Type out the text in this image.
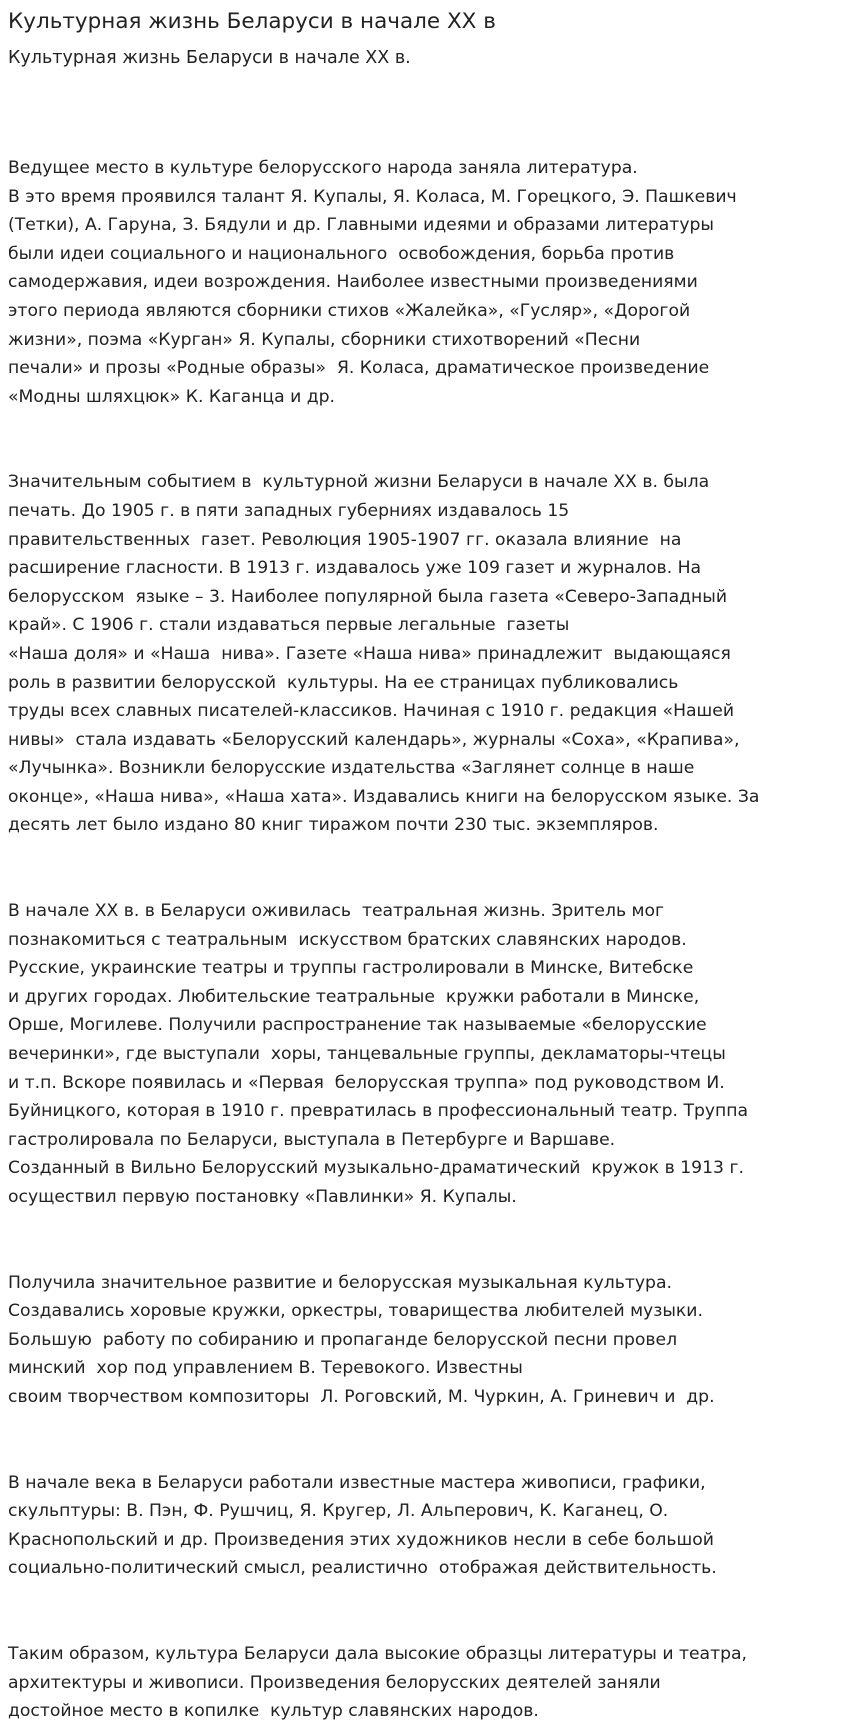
Культурная жизнь Беларуси в начале XX в
Культурная жизнь Беларуси в начале XX в.
Ведущее место в культуре белорусского народа заняла литература.
В это время проявился талант Я. Купалы, Я. Коласа, М. Горецкого, Э. Пашкевич
(Тетки), А. Гаруна, З. Бядули и др. Главными идеями и образами литературы
были идеи социального и национального  освобождения, борьба против
самодержавия, идеи возрождения. Наиболее известными произведениями
этого периода являются сборники стихов «Жалейка», «Гусляр», «Дорогой
жизни», поэма «Курган» Я. Купалы, сборники стихотворений «Песни
печали» и прозы «Родные образы»  Я. Коласа, драматическое произведение
«Модны шляхцюк» К. Каганца и др.
Значительным событием в  культурной жизни Беларуси в начале XX в. была
печать. До 1905 г. в пяти западных губерниях издавалось 15
правительственных  газет. Революция 1905-1907 гг. оказала влияние  на
расширение гласности. В 1913 г. издавалось уже 109 газет и журналов. На
белорусском  языке – 3. Наиболее популярной была газета «Северо-Западный
край». С 1906 г. стали издаваться первые легальные  газеты
«Наша доля» и «Наша  нива». Газете «Наша нива» принадлежит  выдающаяся
роль в развитии белорусской  культуры. На ее страницах публиковались
труды всех славных писателей-классиков. Начиная с 1910 г. редакция «Нашей
нивы»  стала издавать «Белорусский календарь», журналы «Соха», «Крапива»,
«Лучынка». Возникли белорусские издательства «Заглянет солнце в наше
оконце», «Наша нива», «Наша хата». Издавались книги на белорусском языке. За
десять лет было издано 80 книг тиражом почти 230 тыс. экземпляров.
В начале XX в. в Беларуси оживилась  театральная жизнь. Зритель мог
познакомиться с театральным  искусством братских славянских народов.
Русские, украинские театры и труппы гастролировали в Минске, Витебске
и других городах. Любительские театральные  кружки работали в Минске,
Орше, Могилеве. Получили распространение так называемые «белорусские
вечеринки», где выступали  хоры, танцевальные группы, декламаторы-чтецы
и т.п. Вскоре появилась и «Первая  белорусская труппа» под руководством И.
Буйницкого, которая в 1910 г. превратилась в профессиональный театр. Труппа
гастролировала по Беларуси, выступала в Петербурге и Варшаве.
Созданный в Вильно Белорусский музыкально-драматический  кружок в 1913 г.
осуществил первую постановку «Павлинки» Я. Купалы.
Получила значительное развитие и белорусская музыкальная культура.
Создавались хоровые кружки, оркестры, товарищества любителей музыки.
Большую  работу по собиранию и пропаганде белорусской песни провел
минский  хор под управлением В. Теревокого. Известны
своим творчеством композиторы  Л. Роговский, М. Чуркин, А. Гриневич и  др.
В начале века в Беларуси работали известные мастера живописи, графики,
скульптуры: В. Пэн, Ф. Рушчиц, Я. Кругер, Л. Альперович, К. Каганец, О.
Краснопольский и др. Произведения этих художников несли в себе большой
социально-политический смысл, реалистично  отображая действительность.
Таким образом, культура Беларуси дала высокие образцы литературы и театра,
архитектуры и живописи. Произведения белорусских деятелей заняли
достойное место в копилке  культур славянских народов.
